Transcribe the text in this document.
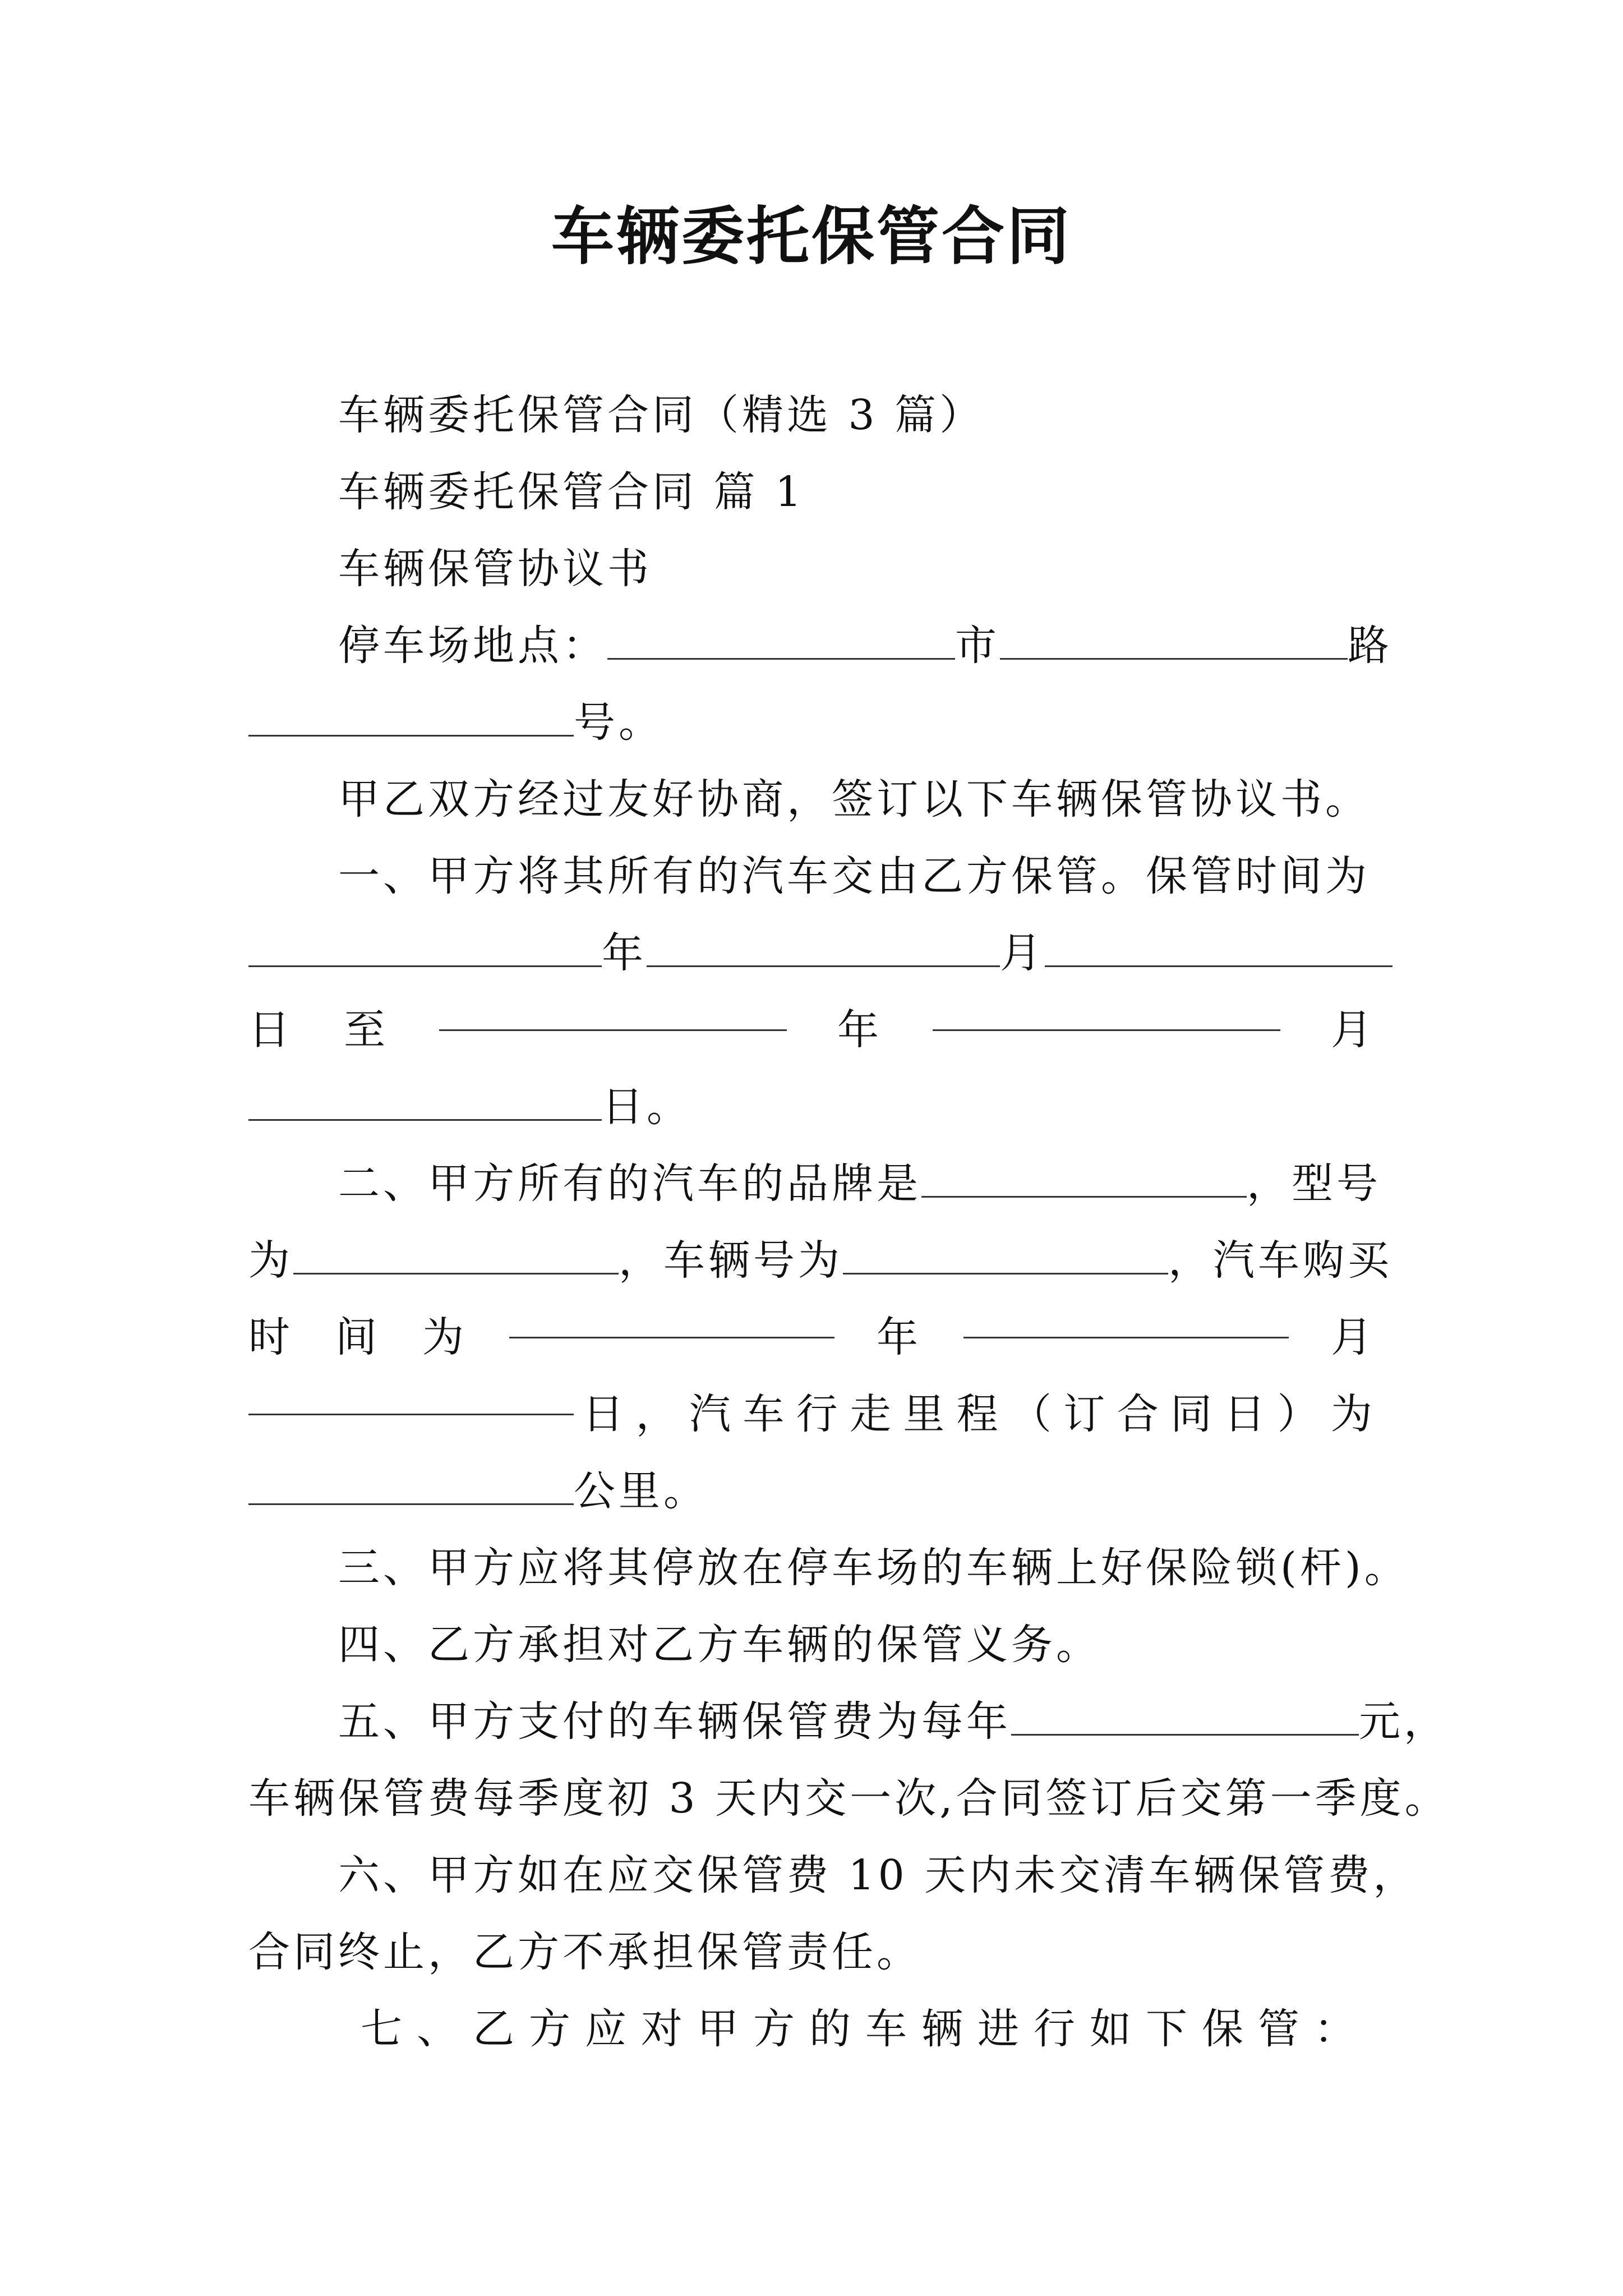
车辆委托保管合同
车辆委托保管合同（精选 3 篇）
车辆委托保管合同 篇 1
车辆保管协议书
停车场地点：	市	路
号。
甲乙双方经过友好协商，签订以下车辆保管协议书。
一、甲方将其所有的汽车交由乙方保管。保管时间为
年	月
日 至	年	月
日。
二、甲方所有的汽车的品牌是	，型号
为	，车辆号为	，汽车购买
时 间 为	年	月
日 ， 汽 车 行 走 里 程 （ 订 合 同 日 ） 为
公里。
三、甲方应将其停放在停车场的车辆上好保险锁(杆)。
四、乙方承担对乙方车辆的保管义务。
五、甲方支付的车辆保管费为每年	元，
车辆保管费每季度初 3 天内交一次,合同签订后交第一季度。
六、甲方如在应交保管费 10 天内未交清车辆保管费，
合同终止，乙方不承担保管责任。
七 、 乙 方 应 对 甲 方 的 车 辆 进 行 如 下 保 管 ：
